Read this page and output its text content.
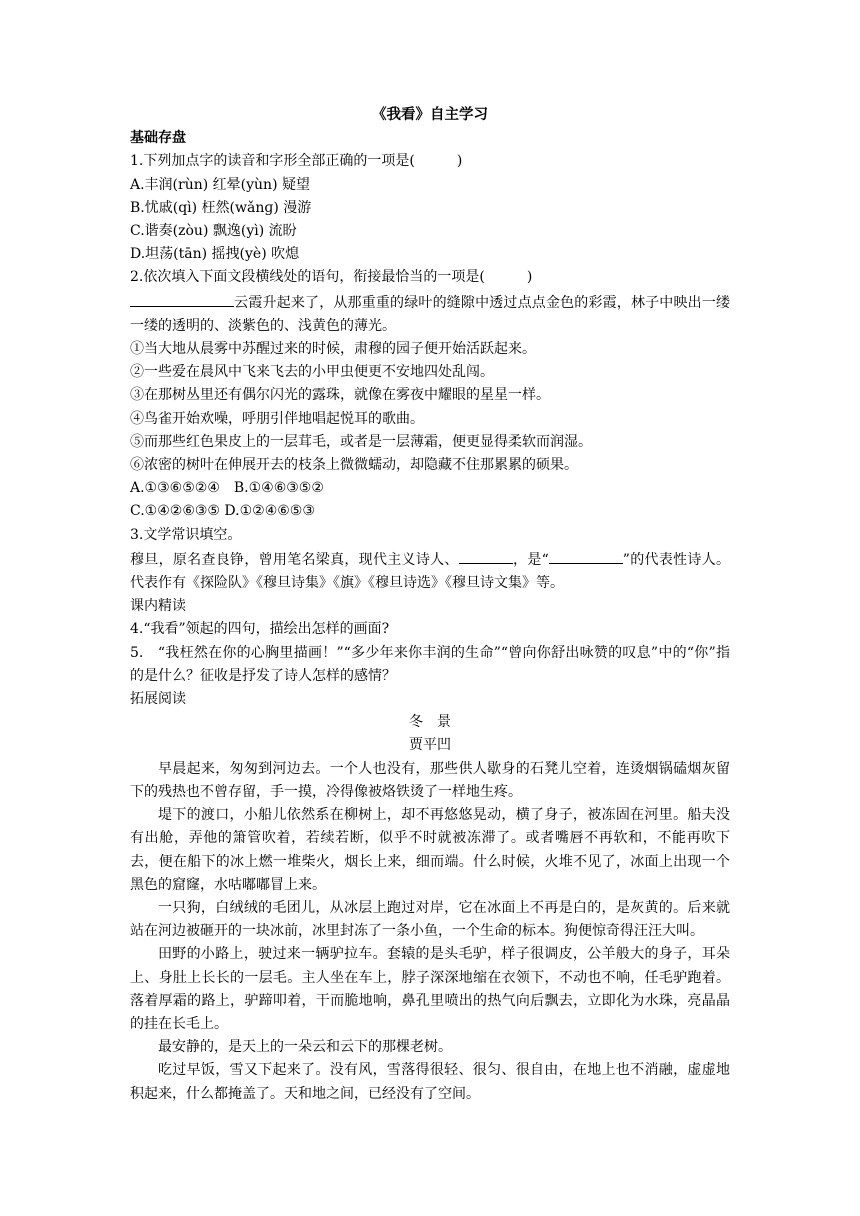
《我看》自主学习
基础存盘
1.下列加点字的读音和字形全部正确的一项是(　　　)
A.丰润(rùn) 红晕(yùn) 疑望
B.忧戚(qì) 枉然(wǎnɡ) 漫游
C.谐奏(zòu) 飘逸(yì) 流盼
D.坦荡(tān) 摇拽(yè) 吹熄
2.依次填入下面文段横线处的语句，衔接最恰当的一项是(　　　)
云霞升起来了，从那重重的绿叶的缝隙中透过点点金色的彩霞，林子中映出一缕一缕的透明的、淡紫色的、浅黄色的薄光。
①当大地从晨雾中苏醒过来的时候，肃穆的园子便开始活跃起来。
②一些爱在晨风中飞来飞去的小甲虫便更不安地四处乱闯。
③在那树丛里还有偶尔闪光的露珠，就像在雾夜中耀眼的星星一样。
④鸟雀开始欢噪，呼朋引伴地唱起悦耳的歌曲。
⑤而那些红色果皮上的一层茸毛，或者是一层薄霜，便更显得柔软而润湿。
⑥浓密的树叶在伸展开去的枝条上微微蠕动，却隐藏不住那累累的硕果。
A.①③⑥⑤②④　B.①④⑥③⑤②
C.①④②⑥③⑤ D.①②④⑥⑤③
3.文学常识填空。
穆旦，原名查良铮，曾用笔名梁真，现代主义诗人、	，是“	”的代表性诗人。代表作有《探险队》《穆旦诗集》《旗》《穆旦诗选》《穆旦诗文集》等。
课内精读
4.“我看”领起的四句，描绘出怎样的画面?
5.　“我枉然在你的心胸里描画！”“多少年来你丰润的生命”“曾向你舒出咏赞的叹息”中的“你”指的是什么？征收是抒发了诗人怎样的感情？
拓展阅读
冬　景
贾平凹
早晨起来，匆匆到河边去。一个人也没有，那些供人歇身的石凳儿空着，连烫烟锅磕烟灰留下的残热也不曾存留，手一摸，冷得像被烙铁烫了一样地生疼。
堤下的渡口，小船儿依然系在柳树上，却不再悠悠晃动，横了身子，被冻固在河里。船夫没有出舱，弄他的箫管吹着，若续若断，似乎不时就被冻滞了。或者嘴唇不再软和，不能再吹下去，便在船下的冰上燃一堆柴火，烟长上来，细而端。什么时候，火堆不见了，冰面上出现一个黑色的窟窿，水咕嘟嘟冒上来。
一只狗，白绒绒的毛团儿，从冰层上跑过对岸，它在冰面上不再是白的，是灰黄的。后来就站在河边被砸开的一块冰前，冰里封冻了一条小鱼，一个生命的标本。狗便惊奇得汪汪大叫。
田野的小路上，驶过来一辆驴拉车。套辕的是头毛驴，样子很调皮，公羊般大的身子，耳朵上、身肚上长长的一层毛。主人坐在车上，脖子深深地缩在衣领下，不动也不响，任毛驴跑着。落着厚霜的路上，驴蹄叩着，干而脆地响，鼻孔里喷出的热气向后飘去，立即化为水珠，亮晶晶的挂在长毛上。
最安静的，是天上的一朵云和云下的那棵老树。
吃过早饭，雪又下起来了。没有风，雪落得很轻、很匀、很自由，在地上也不消融，虚虚地积起来，什么都掩盖了。天和地之间，已经没有了空间。
